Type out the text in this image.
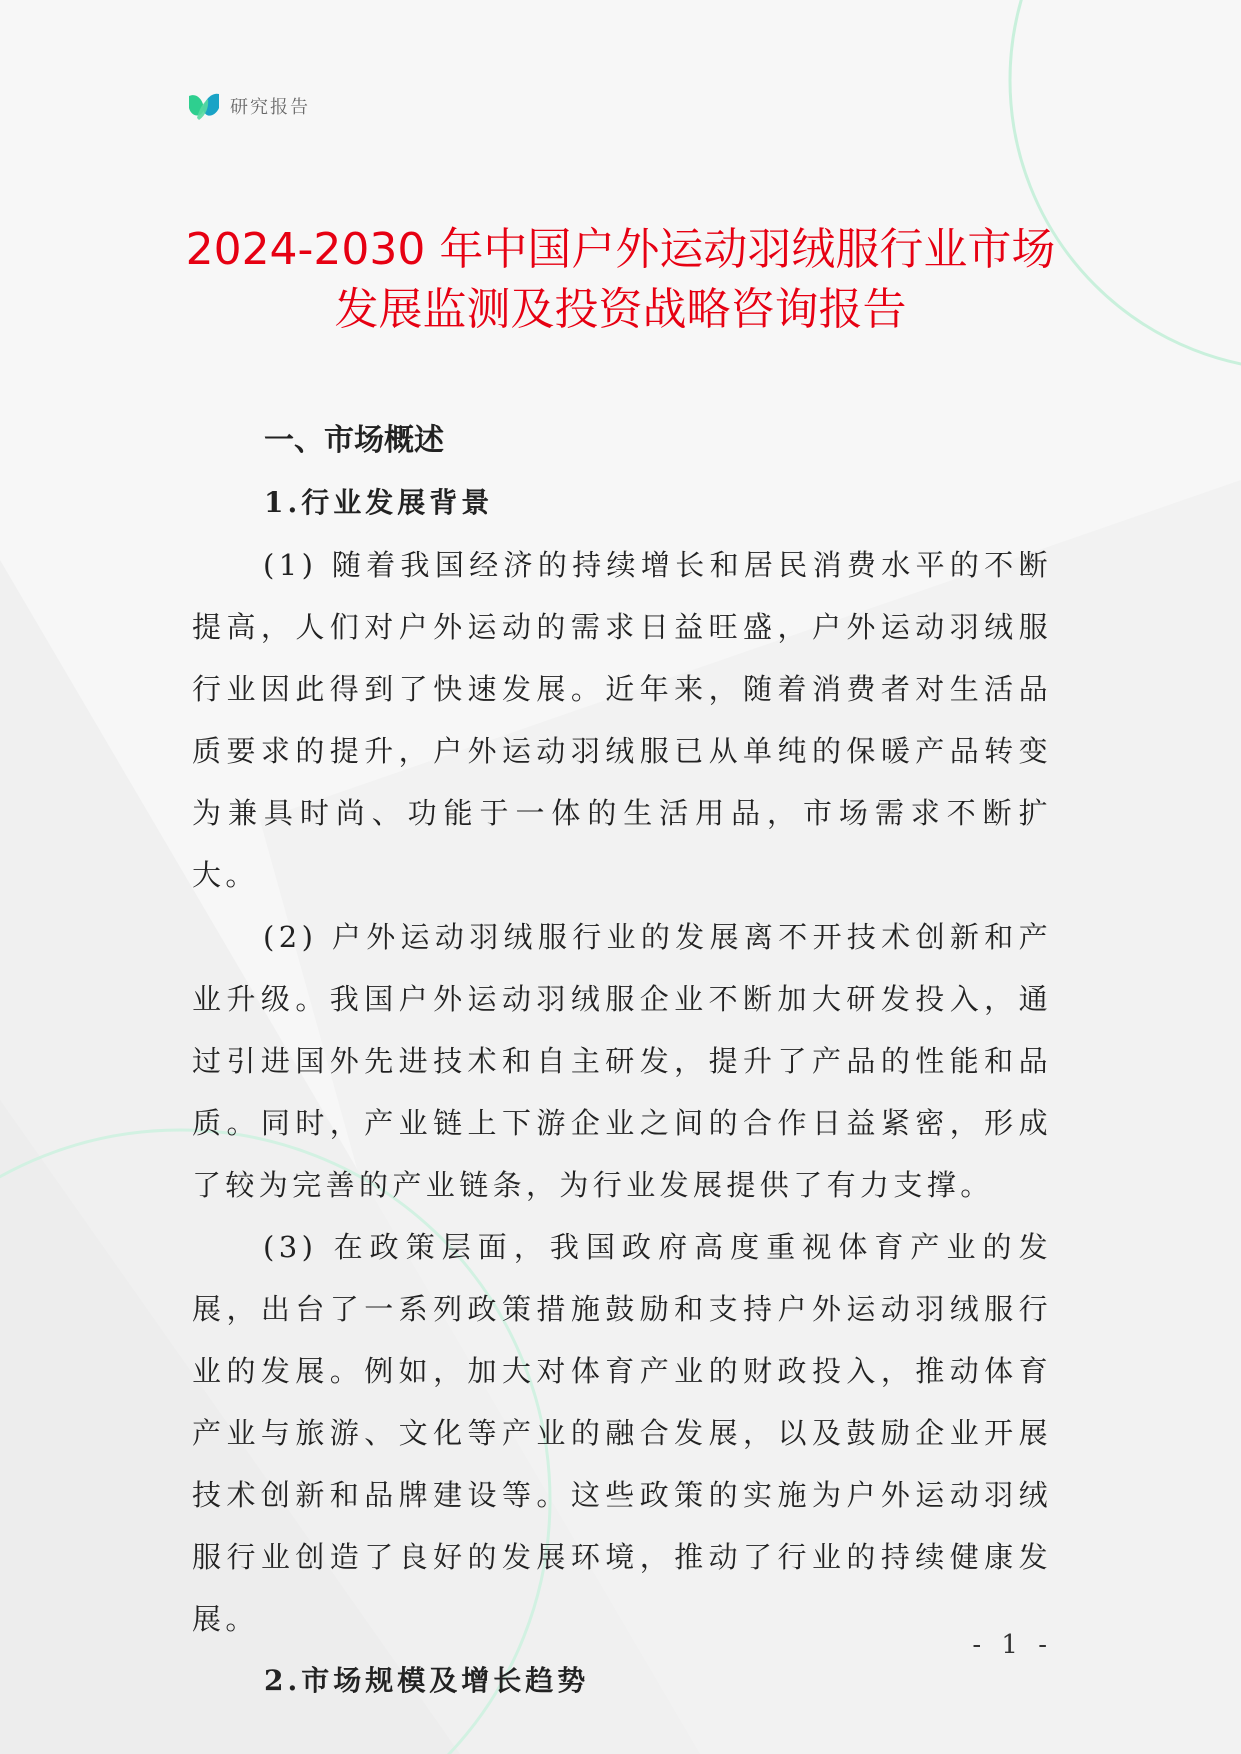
研究报告
2024-2030 年中国户外运动羽绒服行业市场
发展监测及投资战略咨询报告
一、市场概述
1.行业发展背景

(1) 随着我国经济的持续增长和居民消费水平的不断提高，人们对户外运动的需求日益旺盛，户外运动羽绒服行业因此得到了快速发展。近年来，随着消费者对生活品质要求的提升，户外运动羽绒服已从单纯的保暖产品转变为兼具时尚、功能于一体的生活用品，市场需求不断扩大。

(2) 户外运动羽绒服行业的发展离不开技术创新和产业升级。我国户外运动羽绒服企业不断加大研发投入，通过引进国外先进技术和自主研发，提升了产品的性能和品质。同时，产业链上下游企业之间的合作日益紧密，形成了较为完善的产业链条，为行业发展提供了有力支撑。

(3) 在政策层面，我国政府高度重视体育产业的发展，出台了一系列政策措施鼓励和支持户外运动羽绒服行业的发展。例如，加大对体育产业的财政投入，推动体育产业与旅游、文化等产业的融合发展，以及鼓励企业开展技术创新和品牌建设等。这些政策的实施为户外运动羽绒服行业创造了良好的发展环境，推动了行业的持续健康发展。

2.市场规模及增长趋势
- 1 -
